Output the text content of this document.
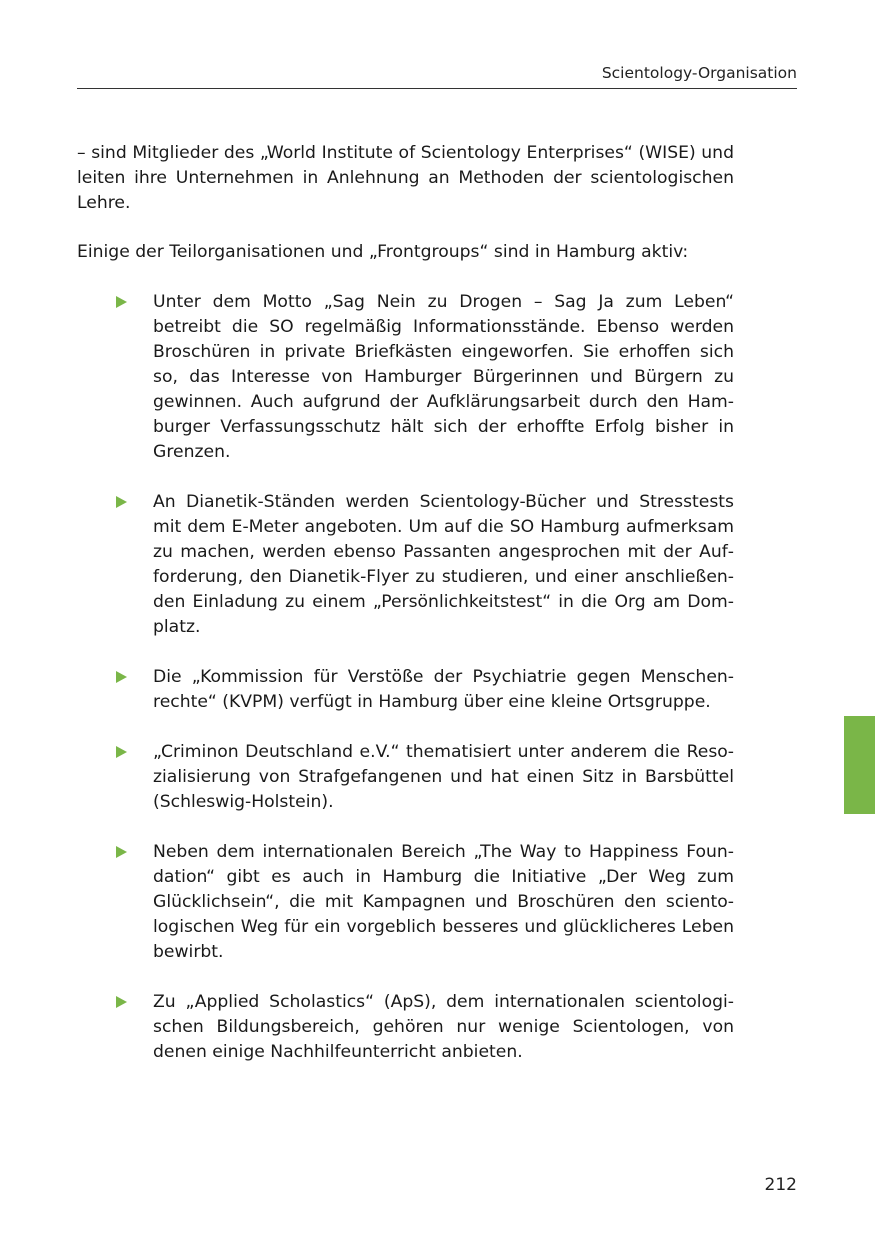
Scientology-Organisation

– sind Mitglieder des „World Institute of Scientology Enterprises“ (WISE) und leiten ihre Unternehmen in Anlehnung an Methoden der scientologischen Lehre.

Einige der Teilorganisationen und „Frontgroups“ sind in Hamburg aktiv:

Unter dem Motto „Sag Nein zu Drogen – Sag Ja zum Leben“ betreibt die SO regelmäßig Informationsstände. Ebenso werden Broschüren in private Briefkästen eingeworfen. Sie erhoffen sich so, das Interesse von Hamburger Bürgerinnen und Bürgern zu gewinnen. Auch aufgrund der Aufklärungsarbeit durch den Hamburger Verfassungsschutz hält sich der erhoffte Erfolg bisher in Grenzen.
An Dianetik-Ständen werden Scientology-Bücher und Stresstests mit dem E-Meter angeboten. Um auf die SO Hamburg aufmerksam zu machen, werden ebenso Passanten angesprochen mit der Aufforderung, den Dianetik-Flyer zu studieren, und einer anschließenden Einladung zu einem „Persönlichkeitstest“ in die Org am Domplatz.
Die „Kommission für Verstöße der Psychiatrie gegen Menschenrechte“ (KVPM) verfügt in Hamburg über eine kleine Ortsgruppe.
„Criminon Deutschland e.V.“ thematisiert unter anderem die Resozialisierung von Strafgefangenen und hat einen Sitz in Barsbüttel (Schleswig-Holstein).
Neben dem internationalen Bereich „The Way to Happiness Foundation“ gibt es auch in Hamburg die Initiative „Der Weg zum Glücklichsein“, die mit Kampagnen und Broschüren den scientologischen Weg für ein vorgeblich besseres und glücklicheres Leben bewirbt.
Zu „Applied Scholastics“ (ApS), dem internationalen scientologischen Bildungsbereich, gehören nur wenige Scientologen, von denen einige Nachhilfeunterricht anbieten.
212
